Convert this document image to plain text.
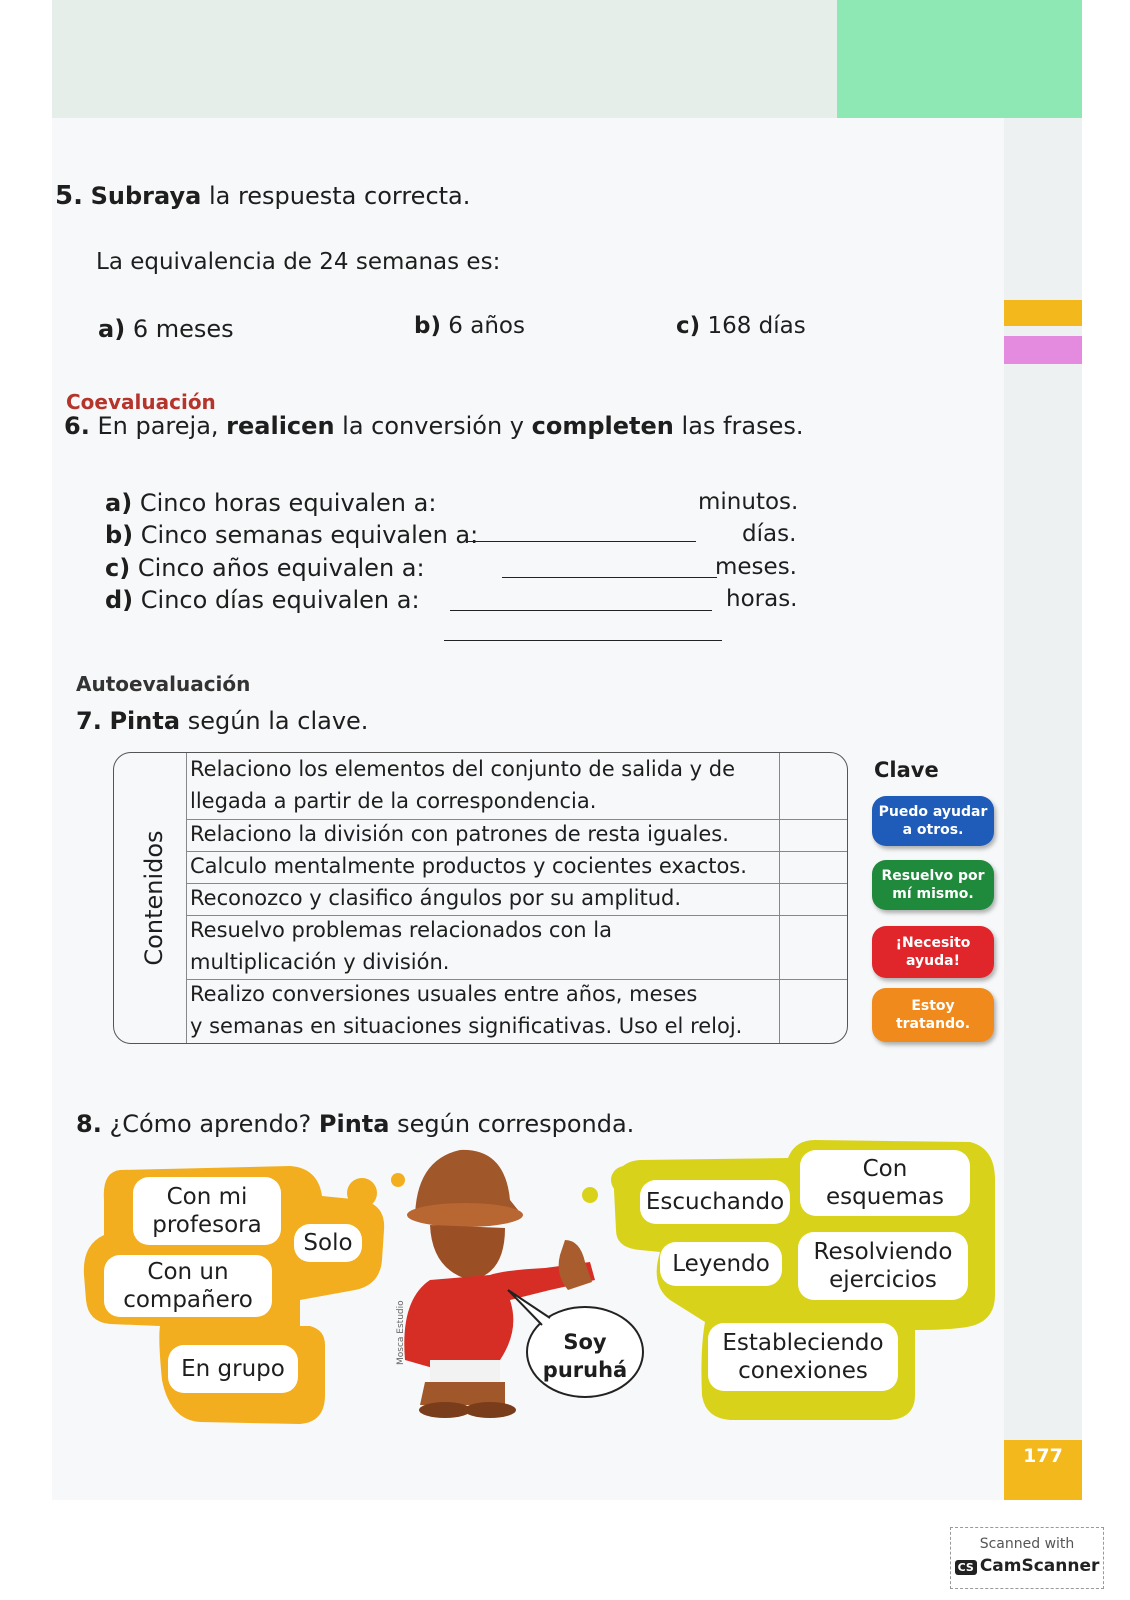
5. Subraya la respuesta correcta.
La equivalencia de 24 semanas es:
a) 6 meses	b) 6 años	c) 168 días
Coevaluación
6. En pareja, realicen la conversión y completen las frases.
a) Cinco horas equivalen a:	minutos.
b) Cinco semanas equivalen a:	días.
c) Cinco años equivalen a:	meses.
d) Cinco días equivalen a:	horas.
Autoevaluación
7. Pinta según la clave.
Contenidos
Relaciono los elementos del conjunto de salida y de
llegada a partir de la correspondencia.
Relaciono la división con patrones de resta iguales.
Calculo mentalmente productos y cocientes exactos.
Reconozco y clasifico ángulos por su amplitud.
Resuelvo problemas relacionados con la
multiplicación y división.
Realizo conversiones usuales entre años, meses
y semanas en situaciones significativas. Uso el reloj.
Clave
Puedo ayudar
a otros.
Resuelvo por
mí mismo.
¡Necesito
ayuda!
Estoy
tratando.
8. ¿Cómo aprendo? Pinta según corresponda.
Mosca Estudio
Con mi
profesora
Solo
Con un
compañero
En grupo
Escuchando
Con
esquemas
Leyendo	Resolviendo
ejercicios
Estableciendo
conexiones
Soy
puruhá
177
Scanned with
CS CamScanner
